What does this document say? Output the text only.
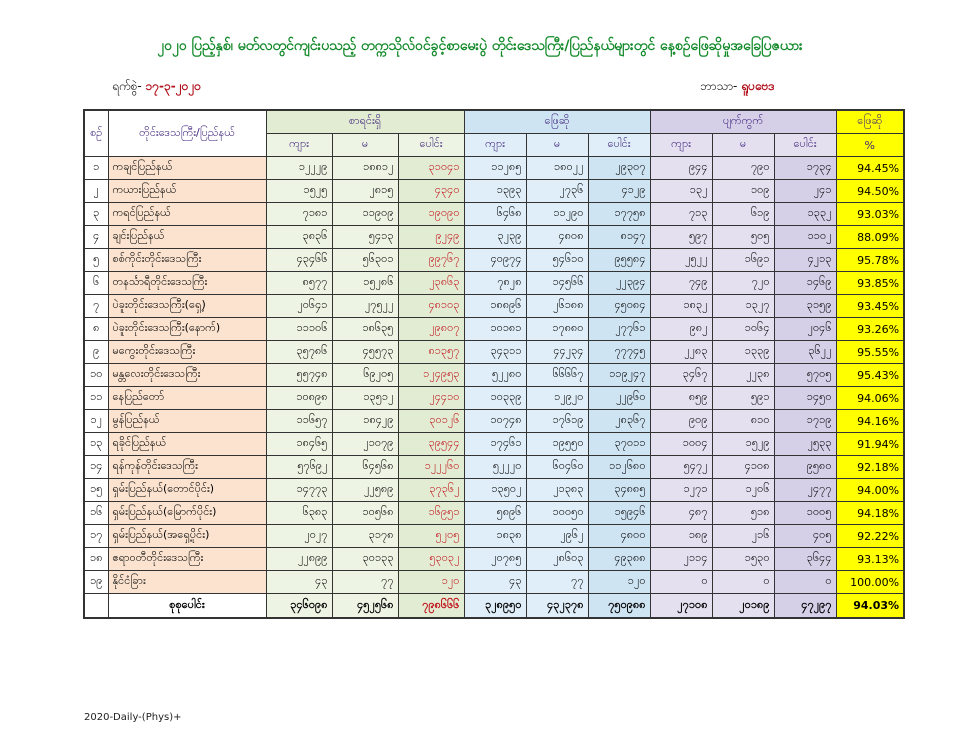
၂၀၂၀ ပြည့်နှစ်၊ မတ်လတွင်ကျင်းပသည့် တက္ကသိုလ်ဝင်ခွင့်စာမေးပွဲ တိုင်းဒေသကြီး/ပြည်နယ်များတွင် နေ့စဉ်ဖြေဆိုမှုအခြေပြဇယား
ရက်စွဲ- ၁၇-၃-၂၀၂၀	ဘာသာ- ရူပဗေဒ
စဉ်	တိုင်းဒေသကြီး/ပြည်နယ်	စာရင်းရှိ			ဖြေဆို			ပျက်ကွက်			ဖြေဆို
		ကျား	မ	ပေါင်း	ကျား	မ	ပေါင်း	ကျား	မ	ပေါင်း	%
၁	ကချင်ပြည်နယ်	၁၂၂၂၉	၁၈၈၁၂	၃၁၀၄၁	၁၁၂၈၅	၁၈၀၂၂	၂၉၃၀၇	၉၄၄	၇၉၀	၁၇၃၄	94.45%
၂	ကယားပြည်နယ်	၁၅၂၅	၂၈၁၅	၄၃၄၀	၁၃၉၃	၂၇၃၆	၄၁၂၉	၁၃၂	၁၀၉	၂၄၁	94.50%
၃	ကရင်ပြည်နယ်	၇၁၈၁	၁၁၉၀၉	၁၉၀၉၀	၆၄၆၈	၁၁၂၉၀	၁၇၇၅၈	၇၁၃	၆၁၉	၁၃၃၂	93.03%
၄	ချင်းပြည်နယ်	၃၈၃၆	၅၄၁၃	၉၂၄၉	၃၂၃၉	၄၈၀၈	၈၁၄၇	၅၉၇	၅၀၅	၁၁၀၂	88.09%
၅	စစ်ကိုင်းတိုင်းဒေသကြီး	၄၃၄၆၆	၅၆၃၀၁	၉၉၇၆၇	၄၀၉၇၄	၅၄၆၁၀	၉၅၅၈၄	၂၅၂၂	၁၆၉၁	၄၂၁၃	95.78%
၆	တနင်္သာရီတိုင်းဒေသကြီး	၈၅၇၇	၁၅၂၈၆	၂၃၈၆၃	၇၈၂၈	၁၄၅၆၆	၂၂၃၉၄	၇၄၉	၇၂၀	၁၄၆၉	93.85%
၇	ပဲခူးတိုင်းဒေသကြီး(ရှေ့)	၂၀၆၄၁	၂၇၅၂၂	၄၈၁၀၃	၁၈၈၉၆	၂၆၁၈၈	၄၅၀၈၄	၁၈၃၂	၁၃၂၇	၃၁၅၉	93.45%
၈	ပဲခူးတိုင်းဒေသကြီး(နောက်)	၁၁၁၀၆	၁၈၆၃၅	၂၉၈၀၇	၁၀၁၈၁	၁၇၈၈၀	၂၇၇၆၁	၉၈၂	၁၀၆၄	၂၀၄၆	93.26%
၉	မကွေးတိုင်းဒေသကြီး	၃၅၇၈၆	၄၅၅၇၃	၈၁၃၅၇	၃၄၃၁၁	၄၄၂၃၄	၇၇၇၄၅	၂၂၈၃	၁၃၃၉	၃၆၂၂	95.55%
၁၀	မန္တလေးတိုင်းဒေသကြီး	၅၅၇၄၈	၆၉၂၀၅	၁၂၄၉၅၃	၅၂၂၈၀	၆၆၆၆၇	၁၁၉၂၄၇	၃၄၆၇	၂၂၃၈	၅၇၀၅	95.43%
၁၁	နေပြည်တော်	၁၀၈၉၈	၁၃၅၁၂	၂၄၄၁၀	၁၀၃၃၉	၁၂၉၂၀	၂၂၉၆၀	၈၅၉	၅၉၁	၁၄၅၀	94.06%
၁၂	မွန်ပြည်နယ်	၁၁၆၅၇	၁၈၄၂၉	၃၀၁၂၆	၁၀၇၄၈	၁၇၆၁၉	၂၈၃၆၇	၉၀၉	၈၁၀	၁၇၁၉	94.16%
၁၃	ရခိုင်ပြည်နယ်	၁၈၄၆၅	၂၁၀၇၉	၃၉၅၄၄	၁၇၄၆၁	၁၉၅၅၀	၃၇၀၁၁	၁၀၀၄	၁၅၂၉	၂၅၃၃	91.94%
၁၄	ရန်ကုန်တိုင်းဒေသကြီး	၅၇၆၉၂	၆၄၅၆၈	၁၂၂၂၆၀	၅၂၂၂၀	၆၀၄၆၀	၁၁၂၆၈၀	၅၄၇၂	၄၁၀၈	၉၅၈၀	92.18%
၁၅	ရှမ်းပြည်နယ်(တောင်ပိုင်း)	၁၄၇၇၃	၂၂၅၈၉	၃၇၃၆၂	၁၃၅၀၂	၂၁၃၈၃	၃၄၈၈၅	၁၂၇၁	၁၂၀၆	၂၄၇၇	94.00%
၁၆	ရှမ်းပြည်နယ်(မြောက်ပိုင်း)	၆၃၈၃	၁၀၅၆၈	၁၆၉၅၁	၅၈၉၆	၁၀၀၅၀	၁၅၉၄၆	၄၈၇	၅၁၈	၁၀၀၅	94.18%
၁၇	ရှမ်းပြည်နယ်(အရှေ့ပိုင်း)	၂၀၂၇	၃၁၇၈	၅၂၀၅	၁၈၃၈	၂၉၆၂	၄၈၀၀	၁၈၉	၂၁၆	၄၀၅	92.22%
၁၈	ဧရာဝတီတိုင်းဒေသကြီး	၂၂၈၉၉	၃၀၁၃၃	၅၃၀၃၂	၂၀၇၈၅	၂၈၆၀၃	၄၉၃၈၈	၂၁၁၄	၁၅၃၀	၃၆၄၄	93.13%
၁၉	နိုင်ငံခြား	၄၃	၇၇	၁၂၀	၄၃	၇၇	၁၂၀	၀	၀	၀	100.00%
	စုစုပေါင်း	၃၄၆၀၉၈	၄၅၂၅၆၈	၇၉၈၆၆၆	၃၂၈၉၅၀	၄၃၂၃၇၈	၇၅၀၉၈၈	၂၇၁၀၈	၂၀၁၈၉	၄၇၂၉၇	94.03%
2020-Daily-(Phys)+
